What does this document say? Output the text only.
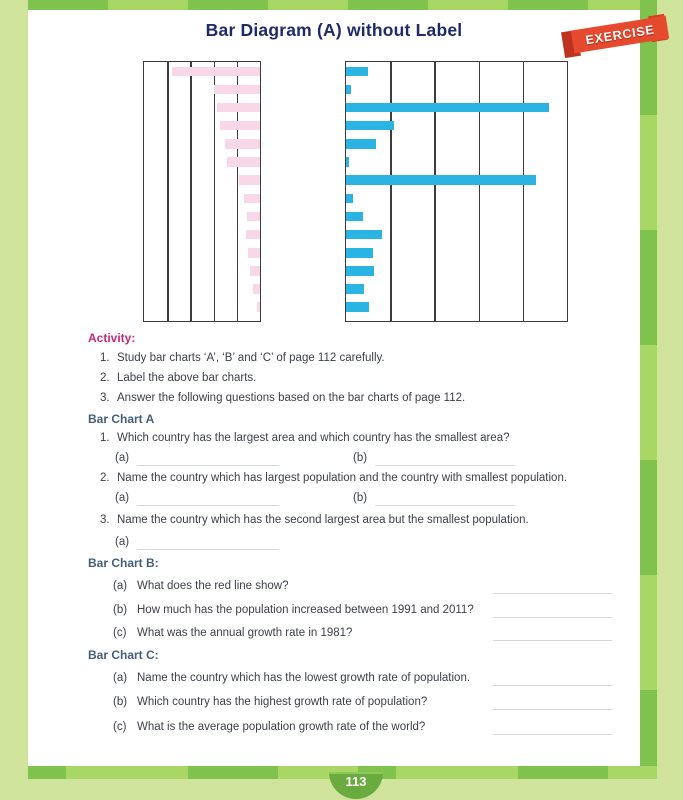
Bar Diagram (A) without Label	EXERCISE
Activity:
1. Study bar charts ‘A’, ‘B’ and ‘C’ of page 112 carefully.
2. Label the above bar charts.
3. Answer the following questions based on the bar charts of page 112.
Bar Chart A
1. Which country has the largest area and which country has the smallest area?
(a)	(b)
2. Name the country which has largest population and the country with smallest population.
(a)	(b)
3. Name the country which has the second largest area but the smallest population.
(a)
Bar Chart B:
(a) What does the red line show?
(b) How much has the population increased between 1991 and 2011?
(c) What was the annual growth rate in 1981?
Bar Chart C:
(a) Name the country which has the lowest growth rate of population.
(b) Which country has the highest growth rate of population?
(c) What is the average population growth rate of the world?
113
